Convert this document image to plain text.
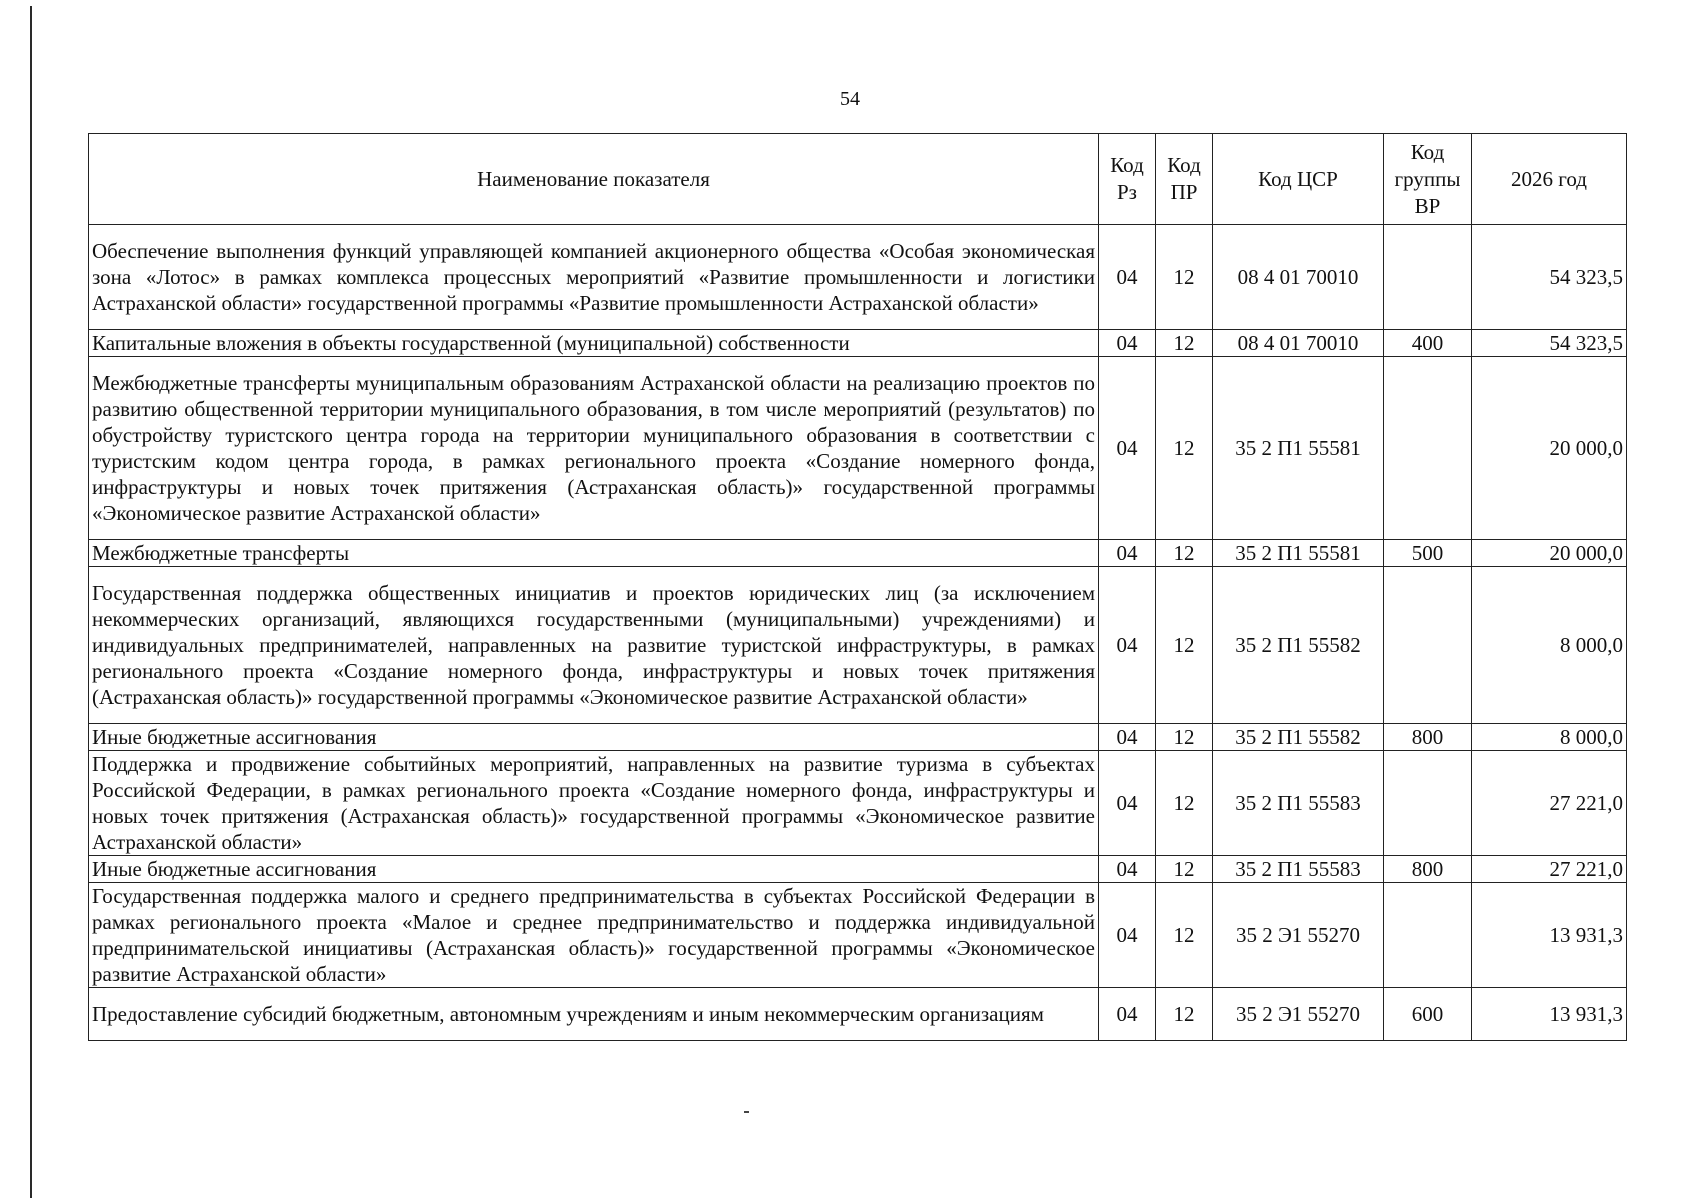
54
Наименование показателя	Код Рз	Код ПР	Код ЦСР	Код группы ВР	2026 год
Обеспечение выполнения функций управляющей компанией акционерного общества «Особая экономическая зона «Лотос» в рамках комплекса процессных мероприятий «Развитие промышленности и логистики Астраханской области» государственной программы «Развитие промышленности Астраханской области»	04	12	08 4 01 70010		54 323,5
Капитальные вложения в объекты государственной (муниципальной) собственности	04	12	08 4 01 70010	400	54 323,5
Межбюджетные трансферты муниципальным образованиям Астраханской области на реализацию проектов по развитию общественной территории муниципального образования, в том числе мероприятий (результатов) по обустройству туристского центра города на территории муниципального образования в соответствии с туристским кодом центра города, в рамках регионального проекта «Создание номерного фонда, инфраструктуры и новых точек притяжения (Астраханская область)» государственной программы «Экономическое развитие Астраханской области»	04	12	35 2 П1 55581		20 000,0
Межбюджетные трансферты	04	12	35 2 П1 55581	500	20 000,0
Государственная поддержка общественных инициатив и проектов юридических лиц (за исключением некоммерческих организаций, являющихся государственными (муниципальными) учреждениями) и индивидуальных предпринимателей, направленных на развитие туристской инфраструктуры, в рамках регионального проекта «Создание номерного фонда, инфраструктуры и новых точек притяжения (Астраханская область)» государственной программы «Экономическое развитие Астраханской области»	04	12	35 2 П1 55582		8 000,0
Иные бюджетные ассигнования	04	12	35 2 П1 55582	800	8 000,0
Поддержка и продвижение событийных мероприятий, направленных на развитие туризма в субъектах Российской Федерации, в рамках регионального проекта «Создание номерного фонда, инфраструктуры и новых точек притяжения (Астраханская область)» государственной программы «Экономическое развитие Астраханской области»	04	12	35 2 П1 55583		27 221,0
Иные бюджетные ассигнования	04	12	35 2 П1 55583	800	27 221,0
Государственная поддержка малого и среднего предпринимательства в субъектах Российской Федерации в рамках регионального проекта «Малое и среднее предпринимательство и поддержка индивидуальной предпринимательской инициативы (Астраханская область)» государственной программы «Экономическое развитие Астраханской области»	04	12	35 2 Э1 55270		13 931,3
Предоставление субсидий бюджетным, автономным учреждениям и иным некоммерческим организациям	04	12	35 2 Э1 55270	600	13 931,3
